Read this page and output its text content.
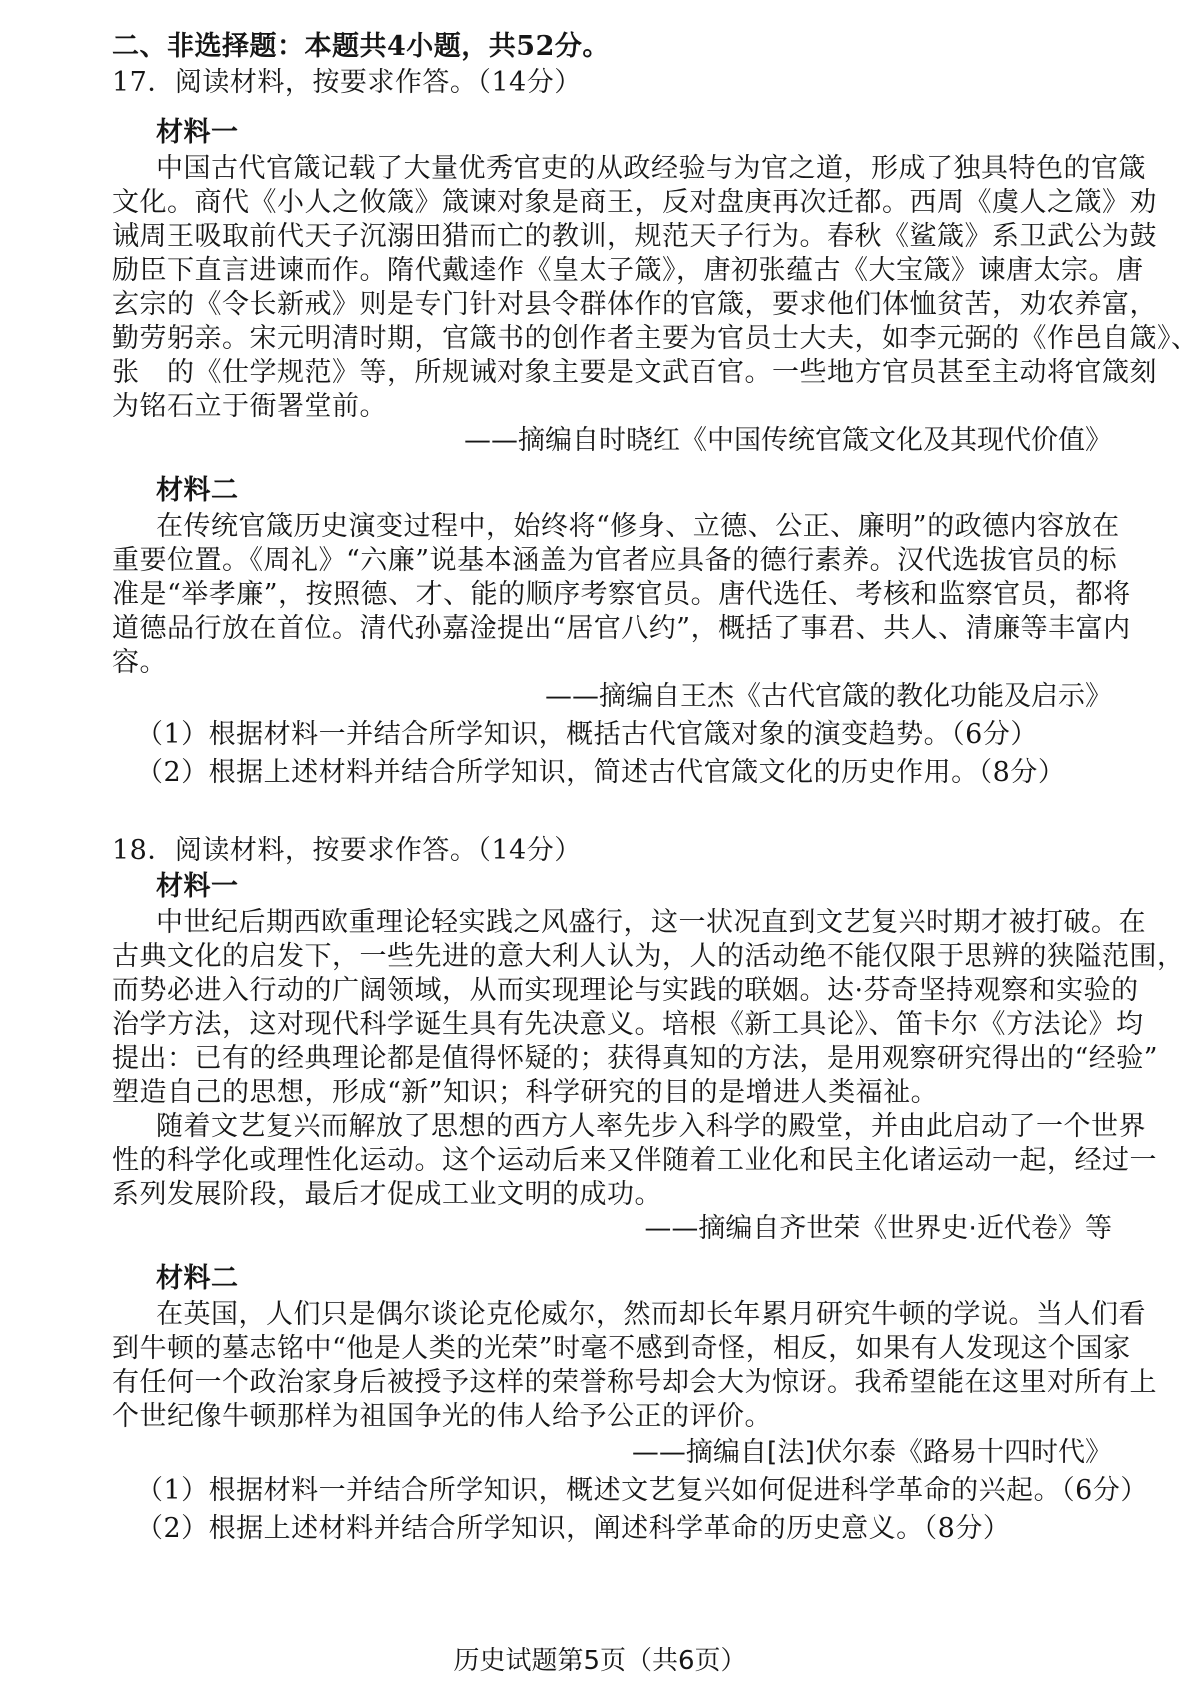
二、非选择题：本题共4小题，共52分。
17．阅读材料，按要求作答。（14分）
材料一
中国古代官箴记载了大量优秀官吏的从政经验与为官之道，形成了独具特色的官箴
文化。商代《小人之攸箴》箴谏对象是商王，反对盘庚再次迁都。西周《虞人之箴》劝
诫周王吸取前代天子沉溺田猎而亡的教训，规范天子行为。春秋《鲨箴》系卫武公为鼓
励臣下直言进谏而作。隋代戴逵作《皇太子箴》，唐初张蕴古《大宝箴》谏唐太宗。唐
玄宗的《令长新戒》则是专门针对县令群体作的官箴，要求他们体恤贫苦，劝农养富，
勤劳躬亲。宋元明清时期，官箴书的创作者主要为官员士大夫，如李元弼的《作邑自箴》、
张　的《仕学规范》等，所规诫对象主要是文武百官。一些地方官员甚至主动将官箴刻
为铭石立于衙署堂前。
——摘编自时晓红《中国传统官箴文化及其现代价值》
材料二
在传统官箴历史演变过程中，始终将“修身、立德、公正、廉明”的政德内容放在
重要位置。《周礼》“六廉”说基本涵盖为官者应具备的德行素养。汉代选拔官员的标
准是“举孝廉”，按照德、才、能的顺序考察官员。唐代选任、考核和监察官员，都将
道德品行放在首位。清代孙嘉淦提出“居官八约”，概括了事君、共人、清廉等丰富内
容。
——摘编自王杰《古代官箴的教化功能及启示》
（1）根据材料一并结合所学知识，概括古代官箴对象的演变趋势。（6分）
（2）根据上述材料并结合所学知识，简述古代官箴文化的历史作用。（8分）
18．阅读材料，按要求作答。（14分）
材料一
中世纪后期西欧重理论轻实践之风盛行，这一状况直到文艺复兴时期才被打破。在
古典文化的启发下，一些先进的意大利人认为，人的活动绝不能仅限于思辨的狭隘范围，
而势必进入行动的广阔领域，从而实现理论与实践的联姻。达·芬奇坚持观察和实验的
治学方法，这对现代科学诞生具有先决意义。培根《新工具论》、笛卡尔《方法论》均
提出：已有的经典理论都是值得怀疑的；获得真知的方法，是用观察研究得出的“经验”
塑造自己的思想，形成“新”知识；科学研究的目的是增进人类福祉。
随着文艺复兴而解放了思想的西方人率先步入科学的殿堂，并由此启动了一个世界
性的科学化或理性化运动。这个运动后来又伴随着工业化和民主化诸运动一起，经过一
系列发展阶段，最后才促成工业文明的成功。
——摘编自齐世荣《世界史·近代卷》等
材料二
在英国，人们只是偶尔谈论克伦威尔，然而却长年累月研究牛顿的学说。当人们看
到牛顿的墓志铭中“他是人类的光荣”时毫不感到奇怪，相反，如果有人发现这个国家
有任何一个政治家身后被授予这样的荣誉称号却会大为惊讶。我希望能在这里对所有上
个世纪像牛顿那样为祖国争光的伟人给予公正的评价。
——摘编自[法]伏尔泰《路易十四时代》
（1）根据材料一并结合所学知识，概述文艺复兴如何促进科学革命的兴起。（6分）
（2）根据上述材料并结合所学知识，阐述科学革命的历史意义。（8分）
历史试题第5页（共6页）
